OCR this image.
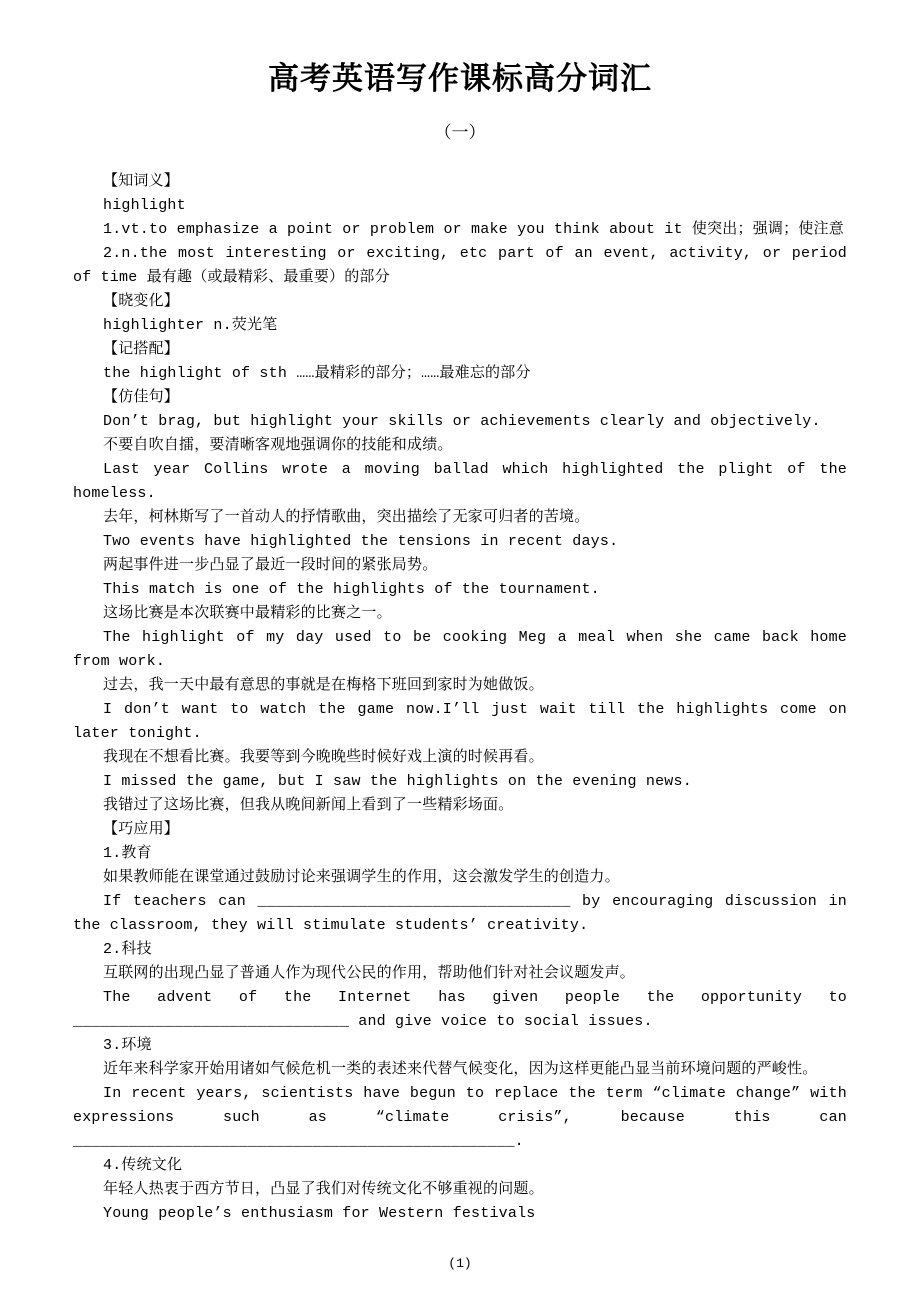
高考英语写作课标高分词汇
（一）

【知词义】

highlight

1.vt.to emphasize a point or problem or make you think about it 使突出；强调；使注意

2.n.the most interesting or exciting, etc part of an event, activity, or period of time 最有趣（或最精彩、最重要）的部分

【晓变化】

highlighter n.荧光笔

【记搭配】

the highlight of sth ……最精彩的部分；……最难忘的部分

【仿佳句】

Don’t brag, but highlight your skills or achievements clearly and objectively.

不要自吹自擂，要清晰客观地强调你的技能和成绩。

Last year Collins wrote a moving ballad which highlighted the plight of the homeless.

去年，柯林斯写了一首动人的抒情歌曲，突出描绘了无家可归者的苦境。

Two events have highlighted the tensions in recent days.

两起事件进一步凸显了最近一段时间的紧张局势。

This match is one of the highlights of the tournament.

这场比赛是本次联赛中最精彩的比赛之一。

The highlight of my day used to be cooking Meg a meal when she came back home from work.

过去，我一天中最有意思的事就是在梅格下班回到家时为她做饭。

I don’t want to watch the game now.I’ll just wait till the highlights come on later tonight.

我现在不想看比赛。我要等到今晚晚些时候好戏上演的时候再看。

I missed the game, but I saw the highlights on the evening news.

我错过了这场比赛，但我从晚间新闻上看到了一些精彩场面。

【巧应用】

1.教育

如果教师能在课堂通过鼓励讨论来强调学生的作用，这会激发学生的创造力。

If teachers can __________________________________ by encouraging discussion in the classroom, they will stimulate students’ creativity.

2.科技

互联网的出现凸显了普通人作为现代公民的作用，帮助他们针对社会议题发声。

The advent of the Internet has given people the opportunity to ______________________________ and give voice to social issues.

3.环境

近年来科学家开始用诸如气候危机一类的表述来代替气候变化，因为这样更能凸显当前环境问题的严峻性。

In recent years, scientists have begun to replace the term “climate change” with expressions such as “climate crisis”, because this can ________________________________________________.

4.传统文化

年轻人热衷于西方节日，凸显了我们对传统文化不够重视的问题。

Young people’s enthusiasm for Western festivals

(1)
